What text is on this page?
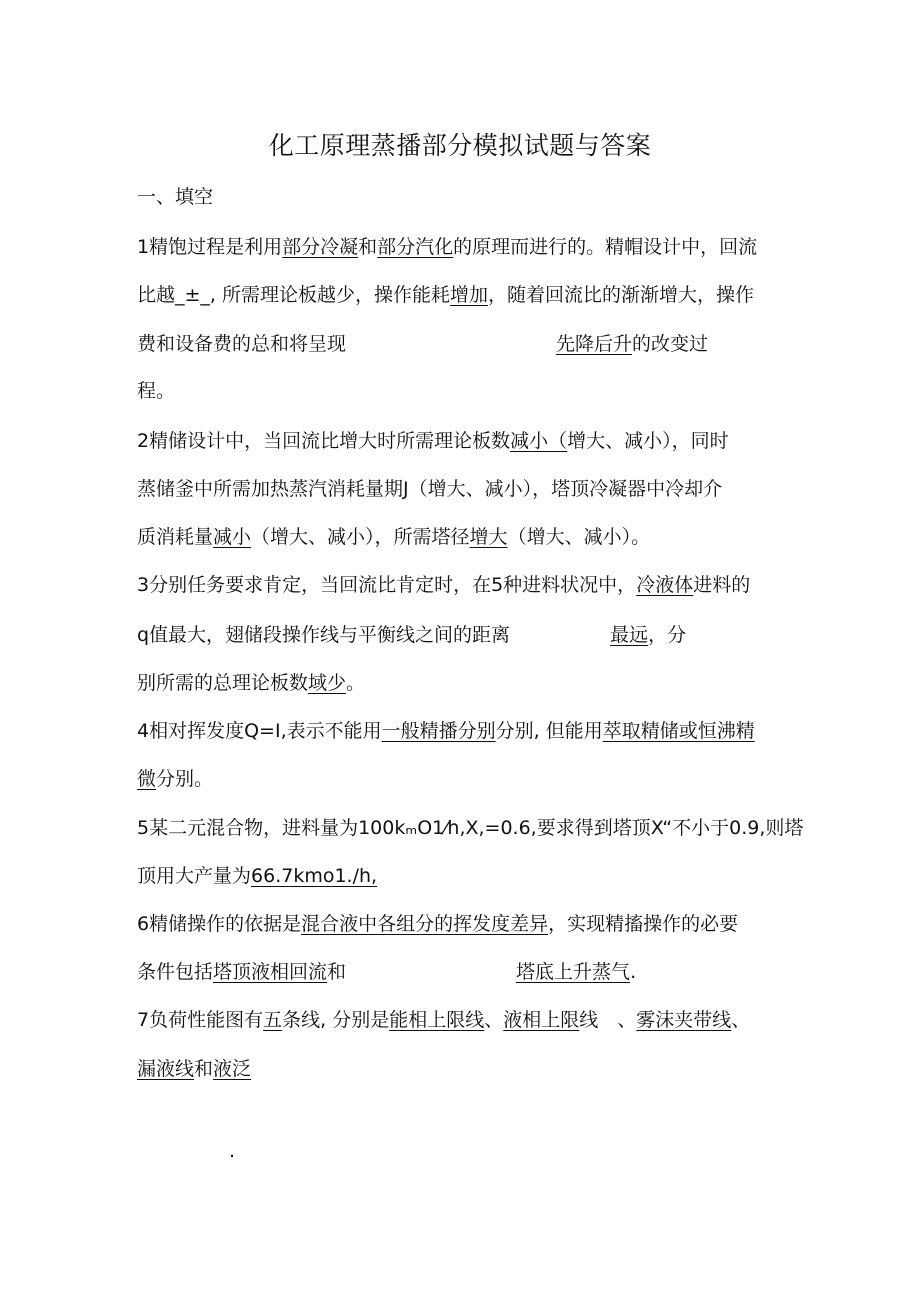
化工原理蒸播部分模拟试题与答案
一、填空
1精饱过程是利用部分冷凝和部分汽化的原理而进行的。精帽设计中，回流
比越_±_, 所需理论板越少，操作能耗增加，随着回流比的渐渐增大，操作
费和设备费的总和将呈现	先降后升的改变过
程。
2精储设计中，当回流比增大时所需理论板数减小（增大、减小），同时
蒸储釜中所需加热蒸汽消耗量期J（增大、减小），塔顶冷凝器中冷却介
质消耗量减小（增大、减小），所需塔径增大（增大、减小）。
3分别任务要求肯定，当回流比肯定时，在5种进料状况中，冷液体进料的
q值最大，翅储段操作线与平衡线之间的距离	最远，分
别所需的总理论板数域少。
4相对挥发度Q=I,表示不能用一般精播分别分别, 但能用萃取精储或恒沸精
微分别。
5某二元混合物，进料量为100kₘO1⁄h,X,=0.6,要求得到塔顶X“不小于0.9,则塔
顶用大产量为66.7kmo1./h,
6精储操作的依据是混合液中各组分的挥发度差异，实现精搐操作的必要
条件包括塔顶液相回流和	塔底上升蒸气.
7负荷性能图有五条线, 分别是能相上限线、液相上限线　、雾沫夹带线、
漏液线和液泛
.
